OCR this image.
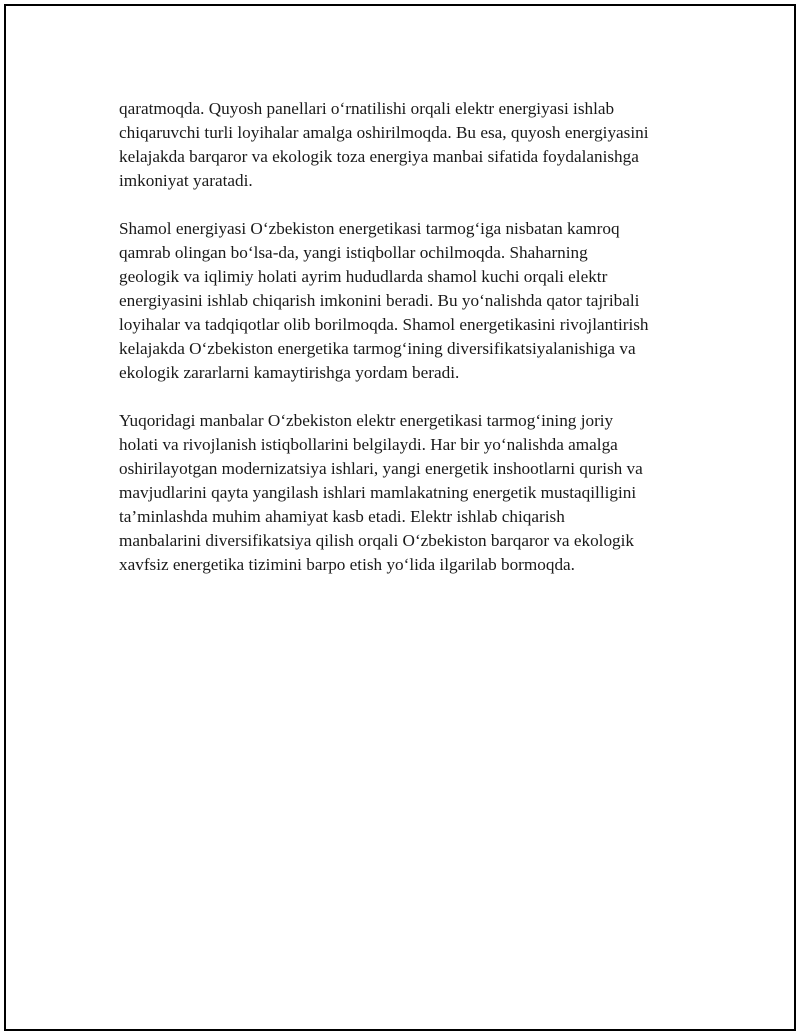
qaratmoqda. Quyosh panellari o‘rnatilishi orqali elektr energiyasi ishlab
chiqaruvchi turli loyihalar amalga oshirilmoqda. Bu esa, quyosh energiyasini
kelajakda barqaror va ekologik toza energiya manbai sifatida foydalanishga
imkoniyat yaratadi.

Shamol energiyasi O‘zbekiston energetikasi tarmog‘iga nisbatan kamroq
qamrab olingan bo‘lsa-da, yangi istiqbollar ochilmoqda. Shaharning
geologik va iqlimiy holati ayrim hududlarda shamol kuchi orqali elektr
energiyasini ishlab chiqarish imkonini beradi. Bu yo‘nalishda qator tajribali
loyihalar va tadqiqotlar olib borilmoqda. Shamol energetikasini rivojlantirish
kelajakda O‘zbekiston energetika tarmog‘ining diversifikatsiyalanishiga va
ekologik zararlarni kamaytirishga yordam beradi.

Yuqoridagi manbalar O‘zbekiston elektr energetikasi tarmog‘ining joriy
holati va rivojlanish istiqbollarini belgilaydi. Har bir yo‘nalishda amalga
oshirilayotgan modernizatsiya ishlari, yangi energetik inshootlarni qurish va
mavjudlarini qayta yangilash ishlari mamlakatning energetik mustaqilligini
ta’minlashda muhim ahamiyat kasb etadi. Elektr ishlab chiqarish
manbalarini diversifikatsiya qilish orqali O‘zbekiston barqaror va ekologik
xavfsiz energetika tizimini barpo etish yo‘lida ilgarilab bormoqda.
